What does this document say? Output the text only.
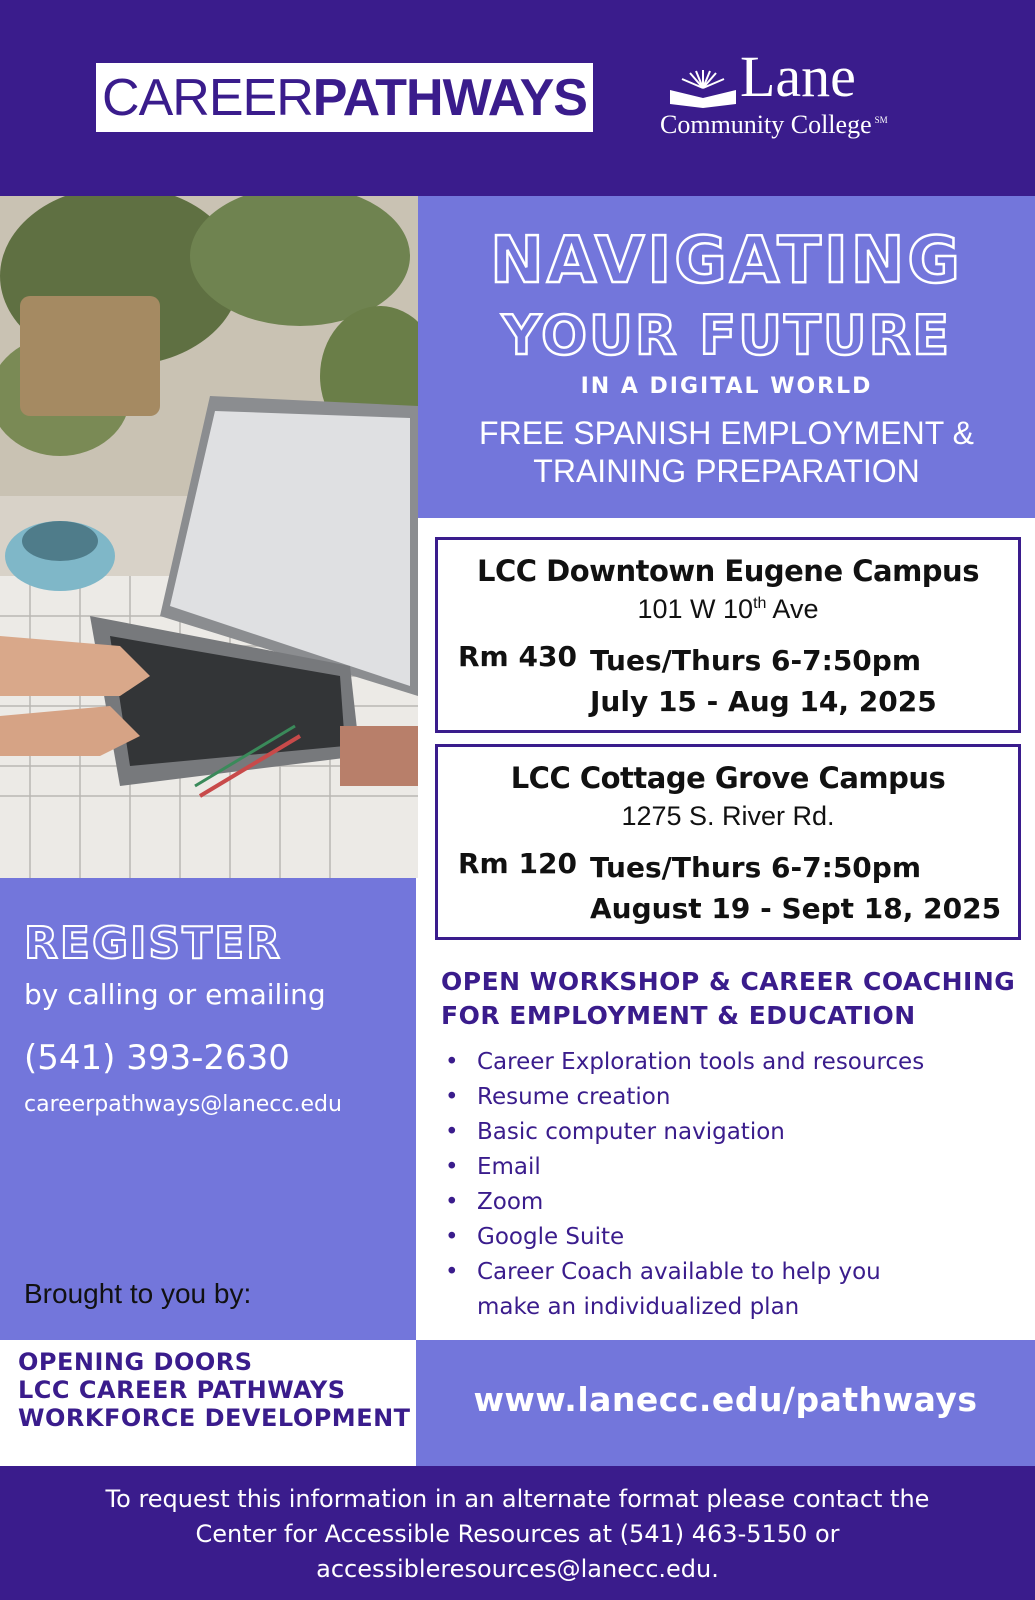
CAREER PATHWAYS	Lane
Community College ℠
NAVIGATING
YOUR FUTURE
IN A DIGITAL WORLD
FREE SPANISH EMPLOYMENT &
TRAINING PREPARATION
LCC Downtown Eugene Campus
101 W 10th Ave
Rm 430 Tues/Thurs 6-7:50pm
July 15 - Aug 14, 2025
LCC Cottage Grove Campus
1275 S. River Rd.
Rm 120 Tues/Thurs 6-7:50pm
August 19 - Sept 18, 2025
REGISTER
by calling or emailing
(541) 393-2630
careerpathways@lanecc.edu
Brought to you by:
OPEN WORKSHOP & CAREER COACHING
FOR EMPLOYMENT & EDUCATION
• Career Exploration tools and resources
• Resume creation
• Basic computer navigation
• Email
• Zoom
• Google Suite
• Career Coach available to help you
make an individualized plan
OPENING DOORS
LCC CAREER PATHWAYS
WORKFORCE DEVELOPMENT	www.lanecc.edu/pathways
To request this information in an alternate format please contact the
Center for Accessible Resources at (541) 463-5150 or
accessibleresources@lanecc.edu.
